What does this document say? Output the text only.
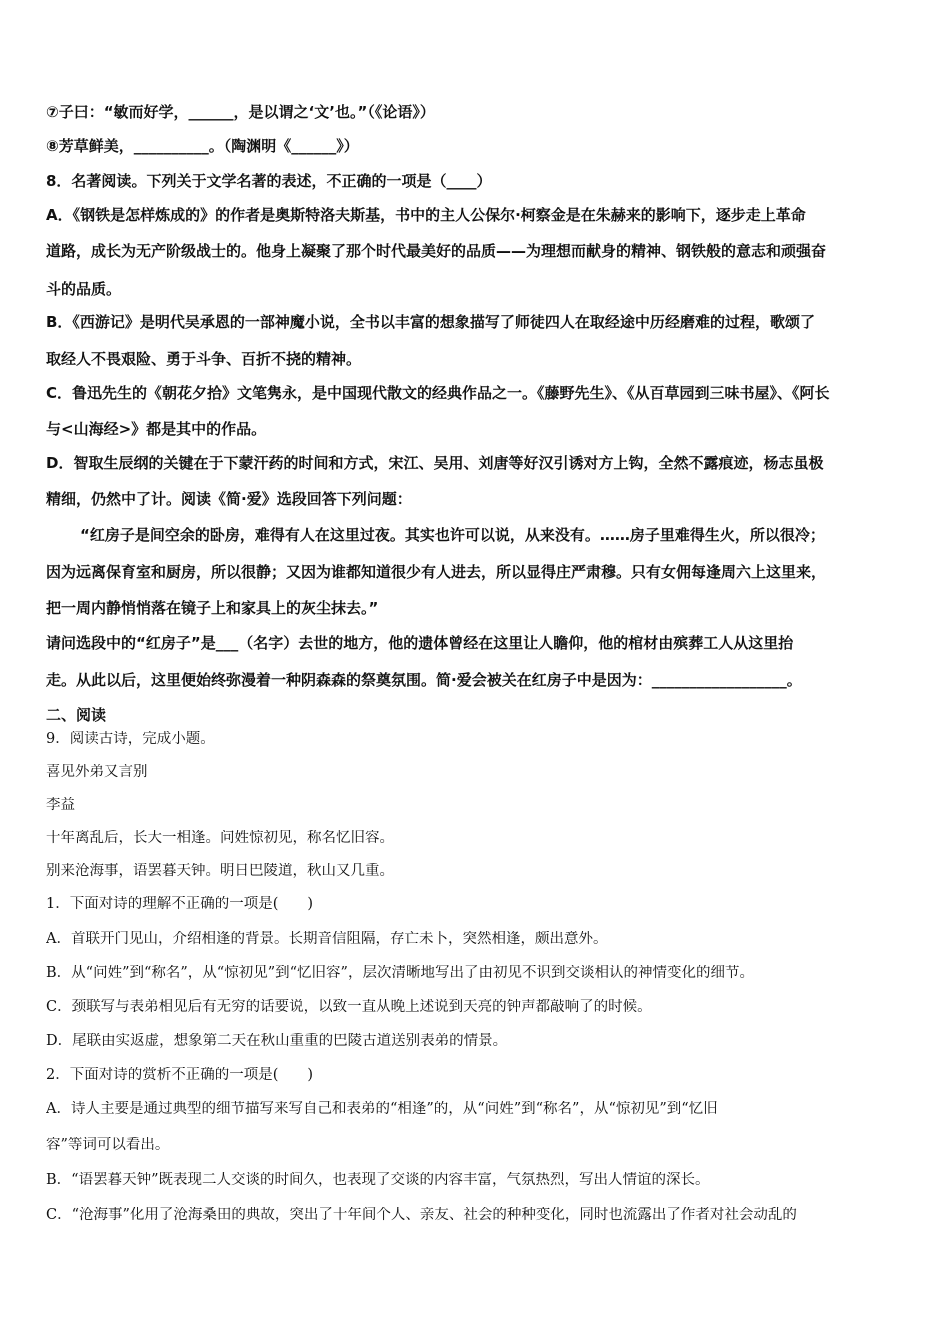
⑦子曰：“敏而好学，______，是以谓之‘文’也。”（《论语》）
⑧芳草鲜美，__________。（陶渊明《______》）
8．名著阅读。下列关于文学名著的表述，不正确的一项是（____）
A．《钢铁是怎样炼成的》的作者是奥斯特洛夫斯基，书中的主人公保尔·柯察金是在朱赫来的影响下，逐步走上革命
道路，成长为无产阶级战士的。他身上凝聚了那个时代最美好的品质——为理想而献身的精神、钢铁般的意志和顽强奋
斗的品质。
B．《西游记》是明代吴承恩的一部神魔小说，全书以丰富的想象描写了师徒四人在取经途中历经磨难的过程，歌颂了
取经人不畏艰险、勇于斗争、百折不挠的精神。
C．鲁迅先生的《朝花夕拾》文笔隽永，是中国现代散文的经典作品之一。《藤野先生》、《从百草园到三味书屋》、《阿长
与<山海经>》都是其中的作品。
D．智取生辰纲的关键在于下蒙汗药的时间和方式，宋江、吴用、刘唐等好汉引诱对方上钩，全然不露痕迹，杨志虽极
精细，仍然中了计。阅读《简·爱》选段回答下列问题：
“红房子是间空余的卧房，难得有人在这里过夜。其实也许可以说，从来没有。……房子里难得生火，所以很冷；
因为远离保育室和厨房，所以很静；又因为谁都知道很少有人进去，所以显得庄严肃穆。只有女佣每逢周六上这里来，
把一周内静悄悄落在镜子上和家具上的灰尘抹去。”
请问选段中的“红房子”是___（名字）去世的地方，他的遗体曾经在这里让人瞻仰，他的棺材由殡葬工人从这里抬
走。从此以后，这里便始终弥漫着一种阴森森的祭奠氛围。简·爱会被关在红房子中是因为：__________________。
二、阅读
9．阅读古诗，完成小题。
喜见外弟又言别
李益
十年离乱后，长大一相逢。问姓惊初见，称名忆旧容。
别来沧海事，语罢暮天钟。明日巴陵道，秋山又几重。
1．下面对诗的理解不正确的一项是(　　)
A．首联开门见山，介绍相逢的背景。长期音信阻隔，存亡未卜，突然相逢，颇出意外。
B．从“问姓”到“称名”，从“惊初见”到“忆旧容”，层次清晰地写出了由初见不识到交谈相认的神情变化的细节。
C．颈联写与表弟相见后有无穷的话要说，以致一直从晚上述说到天亮的钟声都敲响了的时候。
D．尾联由实返虚，想象第二天在秋山重重的巴陵古道送别表弟的情景。
2．下面对诗的赏析不正确的一项是(　　)
A．诗人主要是通过典型的细节描写来写自己和表弟的“相逢”的，从“问姓”到“称名”，从“惊初见”到“忆旧
容”等词可以看出。
B．“语罢暮天钟”既表现二人交谈的时间久，也表现了交谈的内容丰富，气氛热烈，写出人情谊的深长。
C．“沧海事”化用了沧海桑田的典故，突出了十年间个人、亲友、社会的种种变化，同时也流露出了作者对社会动乱的
